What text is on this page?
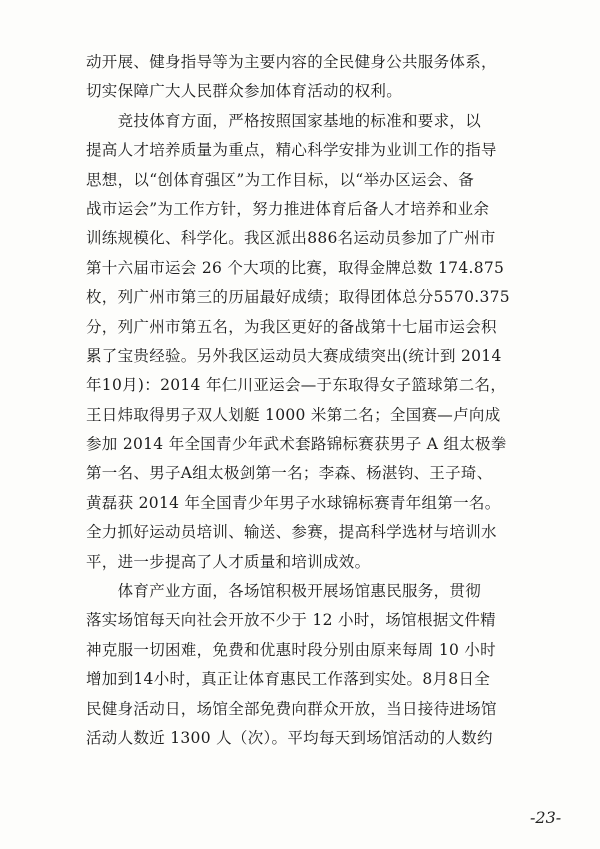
动开展、健身指导等为主要内容的全民健身公共服务体系，
切实保障广大人民群众参加体育活动的权利。
　　竞技体育方面，严格按照国家基地的标准和要求，以
提高人才培养质量为重点，精心科学安排为业训工作的指导
思想，以“创体育强区”为工作目标，以“举办区运会、备
战市运会”为工作方针，努力推进体育后备人才培养和业余
训练规模化、科学化。我区派出886名运动员参加了广州市
第十六届市运会 26 个大项的比赛，取得金牌总数 174.875
枚，列广州市第三的历届最好成绩；取得团体总分5570.375
分，列广州市第五名，为我区更好的备战第十七届市运会积
累了宝贵经验。另外我区运动员大赛成绩突出(统计到 2014
年10月)：2014 年仁川亚运会—于东取得女子篮球第二名，
王日炜取得男子双人划艇 1000 米第二名；全国赛—卢向成
参加 2014 年全国青少年武术套路锦标赛获男子 A 组太极拳
第一名、男子A组太极剑第一名；李森、杨湛钧、王子琦、
黄磊获 2014 年全国青少年男子水球锦标赛青年组第一名。
全力抓好运动员培训、输送、参赛，提高科学选材与培训水
平，进一步提高了人才质量和培训成效。
　　体育产业方面，各场馆积极开展场馆惠民服务，贯彻
落实场馆每天向社会开放不少于 12 小时，场馆根据文件精
神克服一切困难，免费和优惠时段分别由原来每周 10 小时
增加到14小时，真正让体育惠民工作落到实处。8月8日全
民健身活动日，场馆全部免费向群众开放，当日接待进场馆
活动人数近 1300 人（次）。平均每天到场馆活动的人数约
-23-
